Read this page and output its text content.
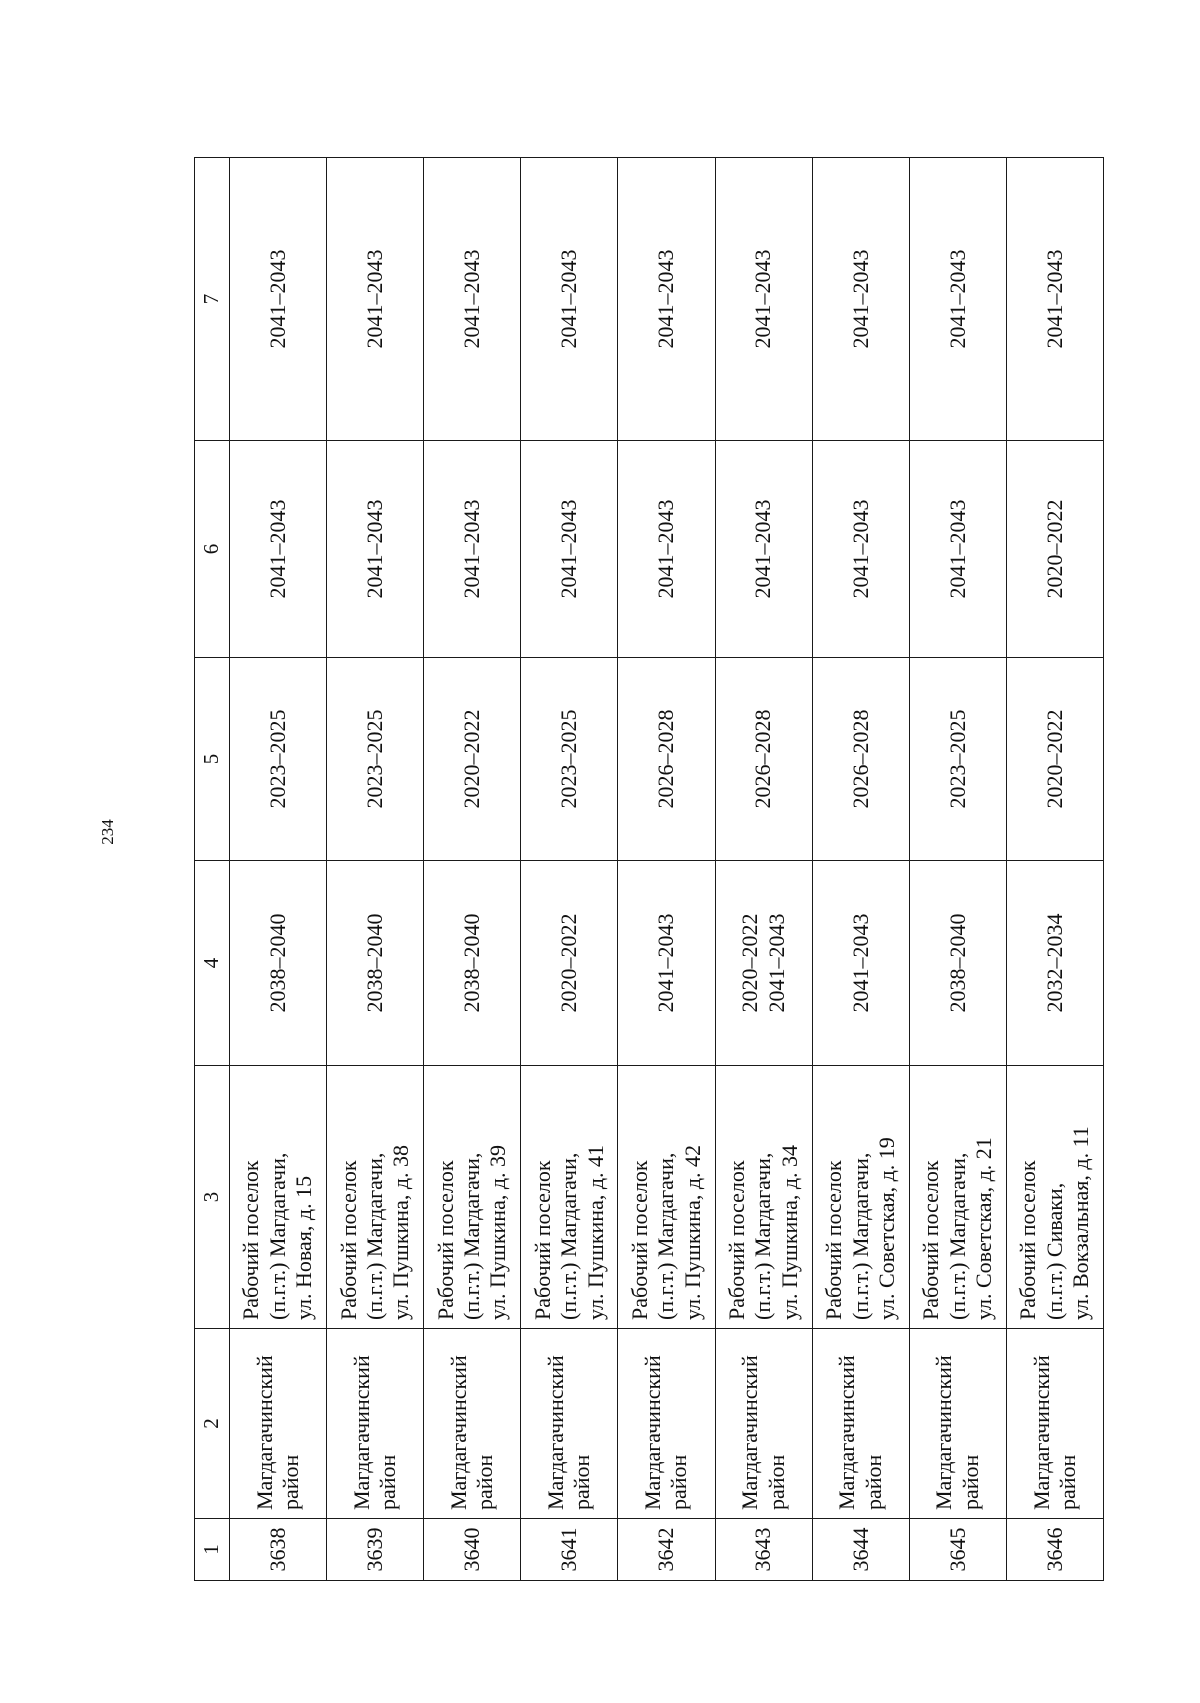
234
1	2	3	4	5	6	7
3638	Магдагачинский район	Рабочий поселок (п.г.т.) Магдагачи, ул. Новая, д. 15	2038–2040	2023–2025	2041–2043	2041–2043
3639	Магдагачинский район	Рабочий поселок (п.г.т.) Магдагачи, ул. Пушкина, д. 38	2038–2040	2023–2025	2041–2043	2041–2043
3640	Магдагачинский район	Рабочий поселок (п.г.т.) Магдагачи, ул. Пушкина, д. 39	2038–2040	2020–2022	2041–2043	2041–2043
3641	Магдагачинский район	Рабочий поселок (п.г.т.) Магдагачи, ул. Пушкина, д. 41	2020–2022	2023–2025	2041–2043	2041–2043
3642	Магдагачинский район	Рабочий поселок (п.г.т.) Магдагачи, ул. Пушкина, д. 42	2041–2043	2026–2028	2041–2043	2041–2043
3643	Магдагачинский район	Рабочий поселок (п.г.т.) Магдагачи, ул. Пушкина, д. 34	2020–2022 2041–2043	2026–2028	2041–2043	2041–2043
3644	Магдагачинский район	Рабочий поселок (п.г.т.) Магдагачи, ул. Советская, д. 19	2041–2043	2026–2028	2041–2043	2041–2043
3645	Магдагачинский район	Рабочий поселок (п.г.т.) Магдагачи, ул. Советская, д. 21	2038–2040	2023–2025	2041–2043	2041–2043
3646	Магдагачинский район	Рабочий поселок (п.г.т.) Сиваки, ул. Вокзальная, д. 11	2032–2034	2020–2022	2020–2022	2041–2043
